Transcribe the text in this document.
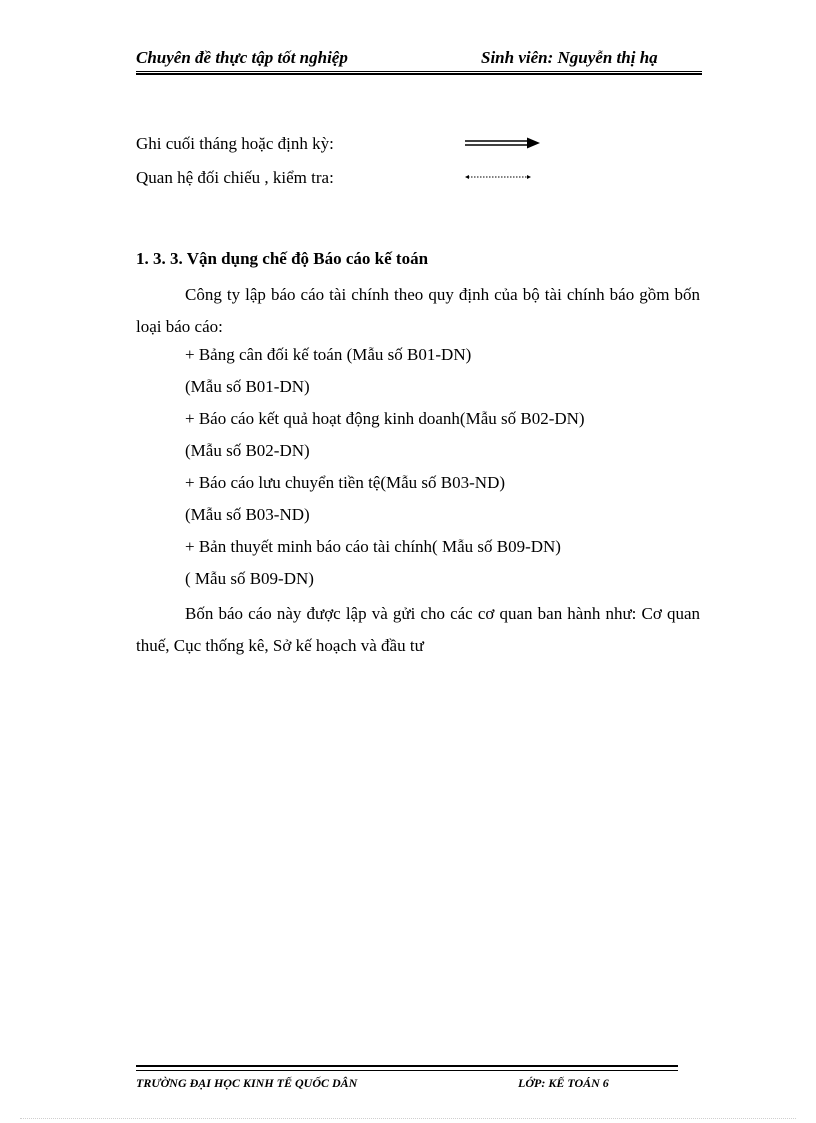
Chuyên đề thực tập tốt nghiệp	Sinh viên: Nguyễn thị hạ
Ghi cuối tháng hoặc định kỳ:
Quan hệ đối chiếu , kiểm tra:
1. 3. 3. Vận dụng chế độ Báo cáo kế toán
Công ty lập báo cáo tài chính theo quy định của bộ tài chính báo gồm bốn loại báo cáo:
+ Bảng cân đối kế toán (Mẫu số B01-DN)
(Mẫu số B01-DN)
+ Báo cáo kết quả hoạt động kinh doanh(Mẫu số B02-DN)
(Mẫu số B02-DN)
+ Báo cáo lưu chuyển tiền tệ(Mẫu số B03-ND)
(Mẫu số B03-ND)
+ Bản thuyết minh báo cáo tài chính( Mẫu số B09-DN)
( Mẫu số B09-DN)
Bốn báo cáo này được lập và gửi cho các cơ quan ban hành như: Cơ quan thuế, Cục thống kê, Sở kế hoạch và đầu tư
TRƯỜNG ĐẠI HỌC KINH TẾ QUỐC DÂN	LỚP: KẾ TOÁN 6
